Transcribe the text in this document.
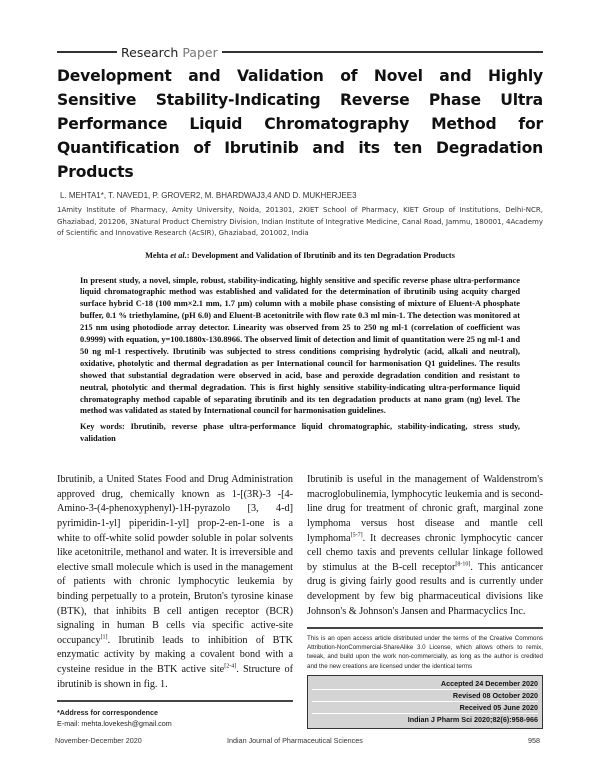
Research Paper
Development and Validation of Novel and Highly Sensitive Stability-Indicating Reverse Phase Ultra Performance Liquid Chromatography Method for Quantification of Ibrutinib and its ten Degradation Products
L. MEHTA1*, T. NAVED1, P. GROVER2, M. BHARDWAJ3,4 AND D. MUKHERJEE3
1Amity Institute of Pharmacy, Amity University, Noida, 201301, 2KIET School of Pharmacy, KIET Group of Institutions, Delhi-NCR, Ghaziabad, 201206, 3Natural Product Chemistry Division, Indian Institute of Integrative Medicine, Canal Road, Jammu, 180001, 4Academy of Scientific and Innovative Research (AcSIR), Ghaziabad, 201002, India
Mehta et al.: Development and Validation of Ibrutinib and its ten Degradation Products
In present study, a novel, simple, robust, stability-indicating, highly sensitive and specific reverse phase ultra-performance liquid chromatographic method was established and validated for the determination of ibrutinib using acquity charged surface hybrid C-18 (100 mm×2.1 mm, 1.7 μm) column with a mobile phase consisting of mixture of Eluent-A phosphate buffer, 0.1 % triethylamine, (pH 6.0) and Eluent-B acetonitrile with flow rate 0.3 ml min-1. The detection was monitored at 215 nm using photodiode array detector. Linearity was observed from 25 to 250 ng ml-1 (correlation of coefficient was 0.9999) with equation, y=100.1880x-130.8966. The observed limit of detection and limit of quantitation were 25 ng ml-1 and 50 ng ml-1 respectively. Ibrutinib was subjected to stress conditions comprising hydrolytic (acid, alkali and neutral), oxidative, photolytic and thermal degradation as per International council for harmonisation Q1 guidelines. The results showed that substantial degradation were observed in acid, base and peroxide degradation condition and resistant to neutral, photolytic and thermal degradation. This is first highly sensitive stability-indicating ultra-performance liquid chromatography method capable of separating ibrutinib and its ten degradation products at nano gram (ng) level. The method was validated as stated by International council for harmonisation guidelines.
Key words: Ibrutinib, reverse phase ultra-performance liquid chromatographic, stability-indicating, stress study, validation
Ibrutinib, a United States Food and Drug Administration approved drug, chemically known as 1-[(3R)-3 -[4- Amino-3-(4-phenoxyphenyl)-1H-pyrazolo [3, 4-d] pyrimidin-1-yl] piperidin-1-yl] prop-2-en-1-one is a white to off-white solid powder soluble in polar solvents like acetonitrile, methanol and water. It is irreversible and elective small molecule which is used in the management of patients with chronic lymphocytic leukemia by binding perpetually to a protein, Bruton's tyrosine kinase (BTK), that inhibits B cell antigen receptor (BCR) signaling in human B cells via specific active-site occupancy[1]. Ibrutinib leads to inhibition of BTK enzymatic activity by making a covalent bond with a cysteine residue in the BTK active site[2-4]. Structure of ibrutinib is shown in fig. 1.
*Address for correspondence
E-mail: mehta.lovekesh@gmail.com
Ibrutinib is useful in the management of Waldenstrom's macroglobulinemia, lymphocytic leukemia and is second-line drug for treatment of chronic graft, marginal zone lymphoma versus host disease and mantle cell lymphoma[5-7]. It decreases chronic lymphocytic cancer cell chemo taxis and prevents cellular linkage followed by stimulus at the B-cell receptor[8-10]. This anticancer drug is giving fairly good results and is currently under development by few big pharmaceutical divisions like Johnson's & Johnson's Jansen and Pharmacyclics Inc.
This is an open access article distributed under the terms of the Creative Commons Attribution-NonCommercial-ShareAlike 3.0 License, which allows others to remix, tweak, and build upon the work non-commercially, as long as the author is credited and the new creations are licensed under the identical terms
Accepted 24 December 2020
Revised 08 October 2020
Received 05 June 2020
Indian J Pharm Sci 2020;82(6):958-966
November-December 2020	Indian Journal of Pharmaceutical Sciences	958
